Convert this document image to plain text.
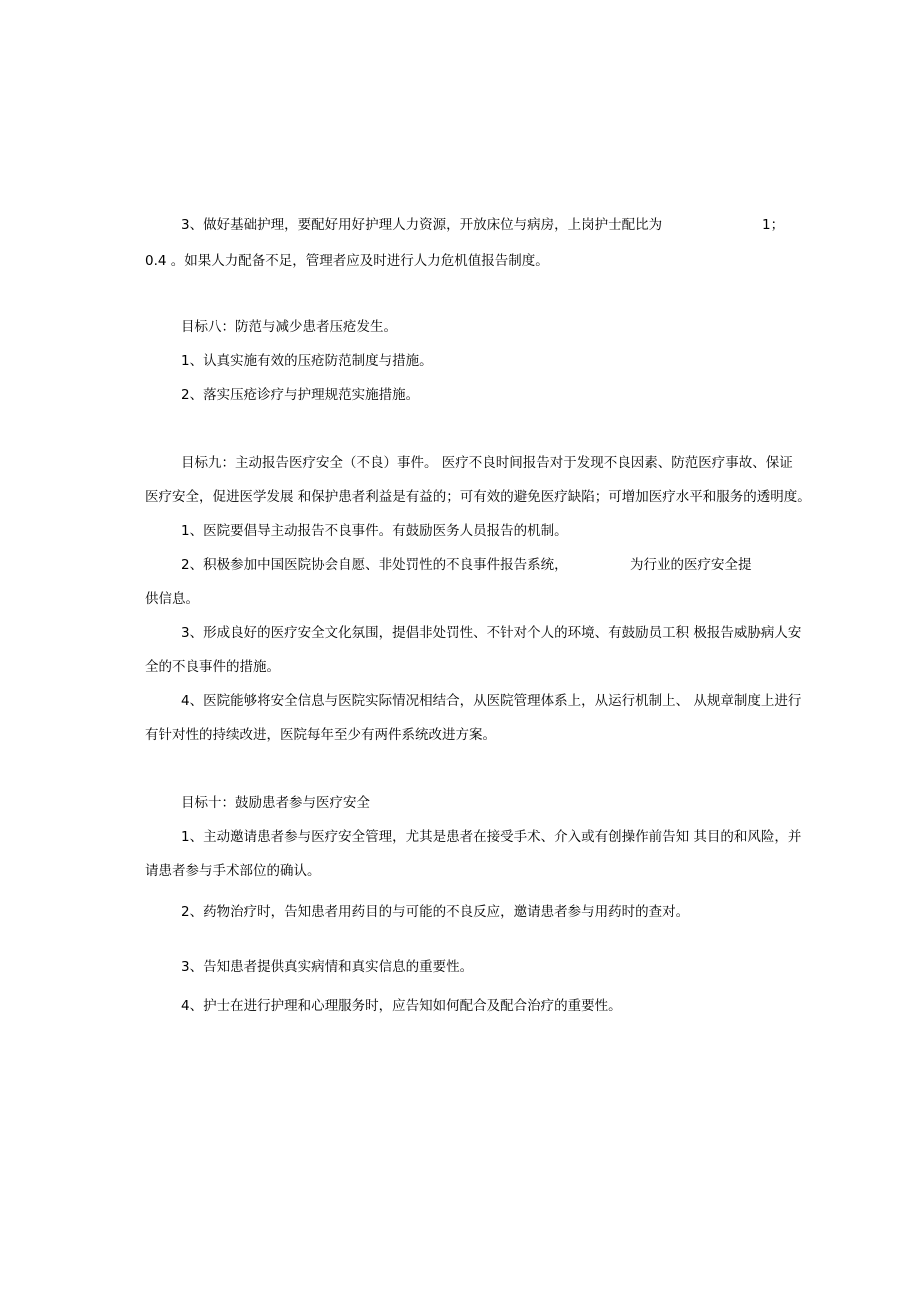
3、做好基础护理，要配好用好护理人力资源，开放床位与病房，上岗护士配比为	1；

0.4 。如果人力配备不足，管理者应及时进行人力危机值报告制度。

目标八：防范与减少患者压疮发生。

1、认真实施有效的压疮防范制度与措施。

2、落实压疮诊疗与护理规范实施措施。

目标九：主动报告医疗安全（不良）事件。 医疗不良时间报告对于发现不良因素、防范医疗事故、保证

医疗安全，促进医学发展 和保护患者利益是有益的；可有效的避免医疗缺陷；可增加医疗水平和服务的透明度。

1、医院要倡导主动报告不良事件。有鼓励医务人员报告的机制。

2、积极参加中国医院协会自愿、非处罚性的不良事件报告系统，	为行业的医疗安全提

供信息。

3、形成良好的医疗安全文化氛围，提倡非处罚性、不针对个人的环境、有鼓励员工积 极报告威胁病人安

全的不良事件的措施。

4、医院能够将安全信息与医院实际情况相结合，从医院管理体系上，从运行机制上、 从规章制度上进行

有针对性的持续改进，医院每年至少有两件系统改进方案。

目标十：鼓励患者参与医疗安全

1、主动邀请患者参与医疗安全管理，尤其是患者在接受手术、介入或有创操作前告知 其目的和风险，并

请患者参与手术部位的确认。

2、药物治疗时，告知患者用药目的与可能的不良反应，邀请患者参与用药时的查对。

3、告知患者提供真实病情和真实信息的重要性。

4、护士在进行护理和心理服务时，应告知如何配合及配合治疗的重要性。
